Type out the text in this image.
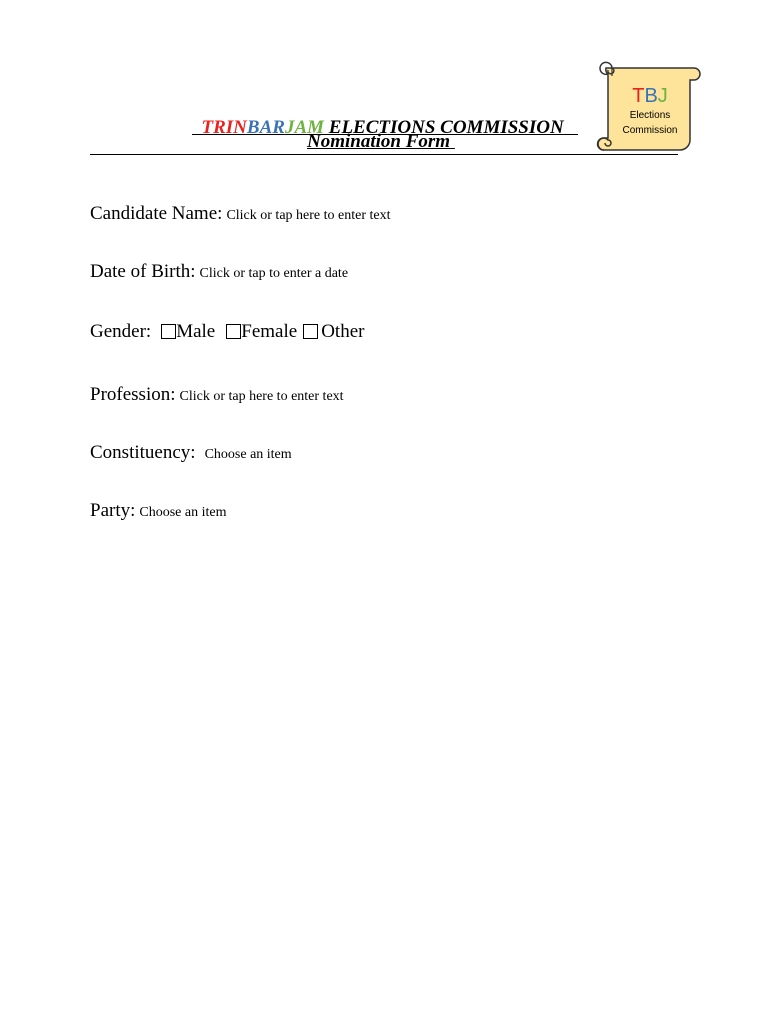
TRINBARJAM ELECTIONS COMMISSION

Nomination Form
TBJ
Elections
Commission
Candidate Name: Click or tap here to enter text
Date of Birth: Click or tap to enter a date
Gender: Male Female Other
Profession: Click or tap here to enter text
Constituency: Choose an item
Party: Choose an item
